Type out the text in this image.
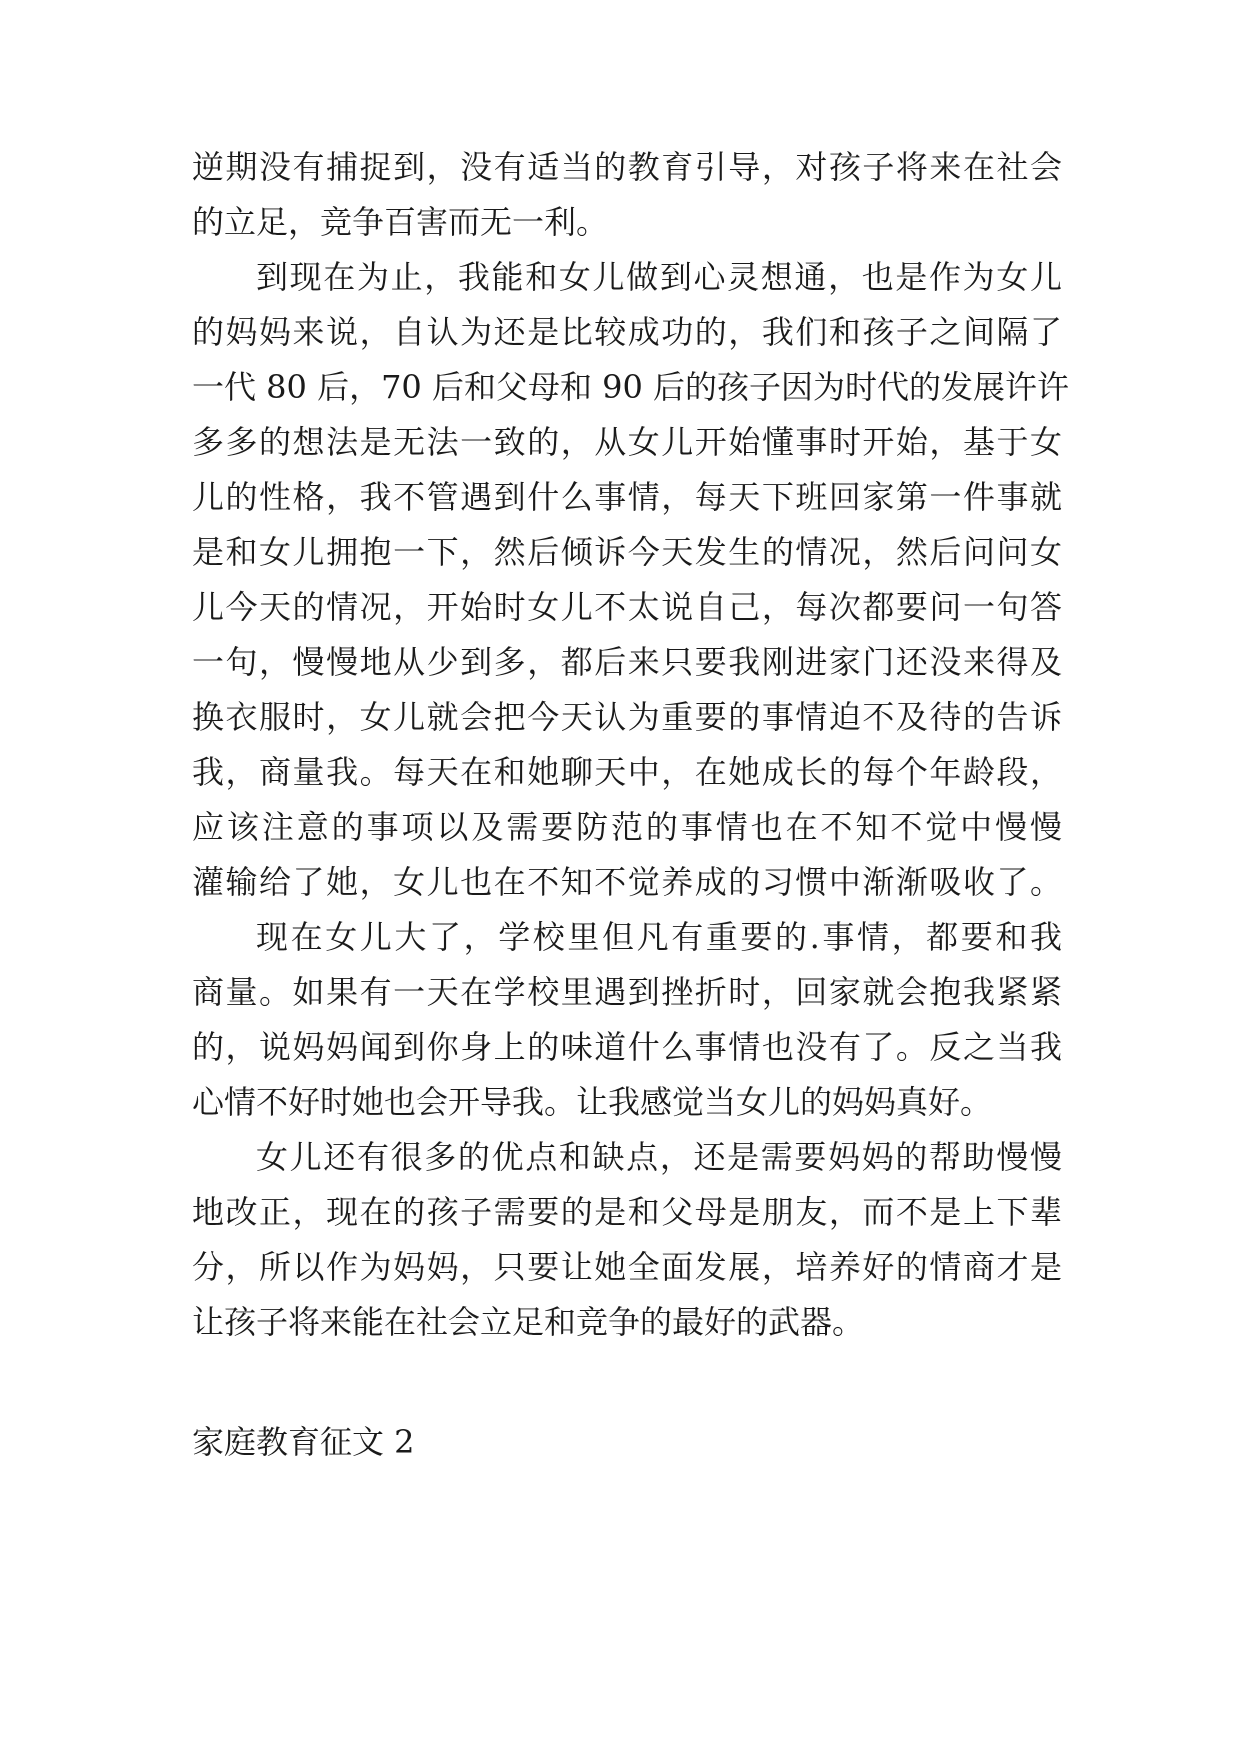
逆期没有捕捉到，没有适当的教育引导，对孩子将来在社会
的立足，竞争百害而无一利。
到现在为止，我能和女儿做到心灵想通，也是作为女儿
的妈妈来说，自认为还是比较成功的，我们和孩子之间隔了
一代 80 后，70 后和父母和 90 后的孩子因为时代的发展许许
多多的想法是无法一致的，从女儿开始懂事时开始，基于女
儿的性格，我不管遇到什么事情，每天下班回家第一件事就
是和女儿拥抱一下，然后倾诉今天发生的情况，然后问问女
儿今天的情况，开始时女儿不太说自己，每次都要问一句答
一句，慢慢地从少到多，都后来只要我刚进家门还没来得及
换衣服时，女儿就会把今天认为重要的事情迫不及待的告诉
我，商量我。每天在和她聊天中，在她成长的每个年龄段，
应该注意的事项以及需要防范的事情也在不知不觉中慢慢
灌输给了她，女儿也在不知不觉养成的习惯中渐渐吸收了。
现在女儿大了，学校里但凡有重要的.事情，都要和我
商量。如果有一天在学校里遇到挫折时，回家就会抱我紧紧
的，说妈妈闻到你身上的味道什么事情也没有了。反之当我
心情不好时她也会开导我。让我感觉当女儿的妈妈真好。
女儿还有很多的优点和缺点，还是需要妈妈的帮助慢慢
地改正，现在的孩子需要的是和父母是朋友，而不是上下辈
分，所以作为妈妈，只要让她全面发展，培养好的情商才是
让孩子将来能在社会立足和竞争的最好的武器。
家庭教育征文 2
